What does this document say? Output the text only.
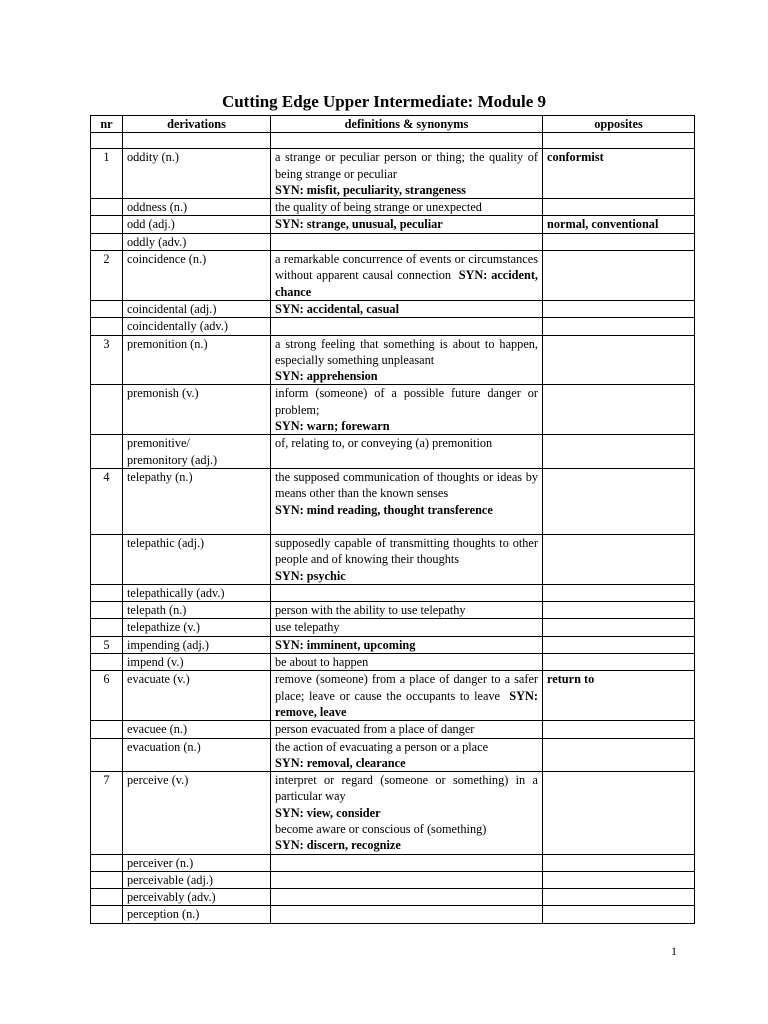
Cutting Edge Upper Intermediate: Module 9
nr	derivations	definitions & synonyms	opposites

1	oddity (n.)	a strange or peculiar person or thing; the quality of being strange or peculiar
SYN: misfit, peculiarity, strangeness	conformist

	oddness (n.)	the quality of being strange or unexpected	

	odd (adj.)	SYN: strange, unusual, peculiar	normal, conventional

	oddly (adv.)		

2	coincidence (n.)	a remarkable concurrence of events or circumstances without apparent causal connection SYN: accident, chance	

	coincidental (adj.)	SYN: accidental, casual	

	coincidentally (adv.)		

3	premonition (n.)	a strong feeling that something is about to happen, especially something unpleasant
SYN: apprehension	

	premonish (v.)	inform (someone) of a possible future danger or problem;
SYN: warn; forewarn	

	premonitive/
premonitory (adj.)	of, relating to, or conveying (a) premonition	
4	telepathy (n.)	the supposed communication of thoughts or ideas by means other than the known senses
SYN: mind reading, thought transference	

	telepathic (adj.)	supposedly capable of transmitting thoughts to other people and of knowing their thoughts
SYN: psychic	

	telepathically (adv.)		

	telepath (n.)	person with the ability to use telepathy	

	telepathize (v.)	use telepathy	
5	impending (adj.)	SYN: imminent, upcoming	

	impend (v.)	be about to happen	
6	evacuate (v.)	remove (someone) from a place of danger to a safer place; leave or cause the occupants to leave SYN: remove, leave	return to

	evacuee (n.)	person evacuated from a place of danger	

	evacuation (n.)	the action of evacuating a person or a place
SYN: removal, clearance	

7	perceive (v.)	interpret or regard (someone or something) in a particular way
SYN: view, consider
become aware or conscious of (something)
SYN: discern, recognize	

	perceiver (n.)		

	perceivable (adj.)		

	perceivably (adv.)		

	perception (n.)		

1
